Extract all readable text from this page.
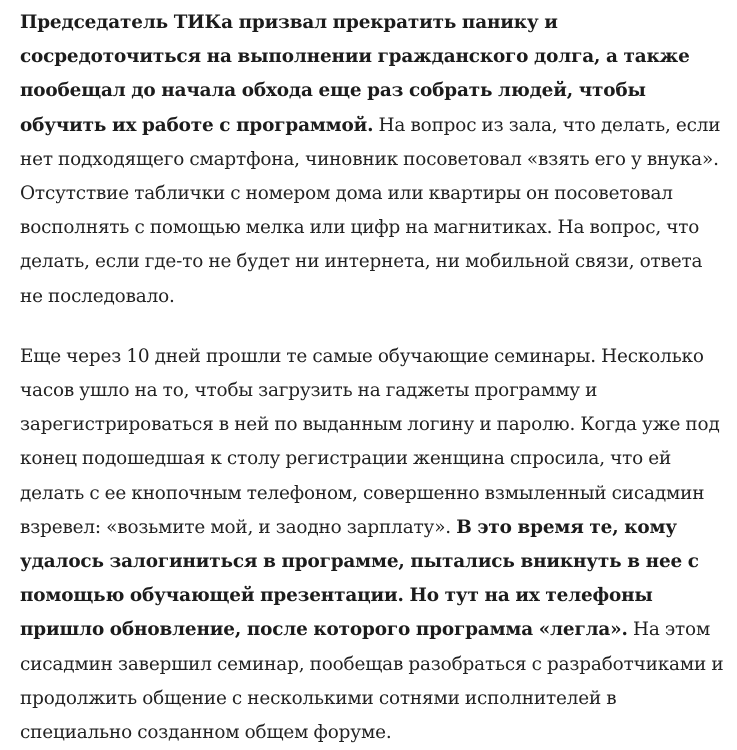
Председатель ТИКа призвал прекратить панику и сосредоточиться на выполнении гражданского долга, а также пообещал до начала обхода еще раз собрать людей, чтобы обучить их работе с программой. На вопрос из зала, что делать, если нет подходящего смартфона, чиновник посоветовал «взять его у внука». Отсутствие таблички с номером дома или квартиры он посоветовал восполнять с помощью мелка или цифр на магнитиках. На вопрос, что делать, если где-то не будет ни интернета, ни мобильной связи, ответа не последовало.

Еще через 10 дней прошли те самые обучающие семинары. Несколько часов ушло на то, чтобы загрузить на гаджеты программу и зарегистрироваться в ней по выданным логину и паролю. Когда уже под конец подошедшая к столу регистрации женщина спросила, что ей делать с ее кнопочным телефоном, совершенно взмыленный сисадмин взревел: «возьмите мой, и заодно зарплату». В это время те, кому удалось залогиниться в программе, пытались вникнуть в нее с помощью обучающей презентации. Но тут на их телефоны пришло обновление, после которого программа «легла». На этом сисадмин завершил семинар, пообещав разобраться с разработчиками и продолжить общение с несколькими сотнями исполнителей в специально созданном общем форуме.
